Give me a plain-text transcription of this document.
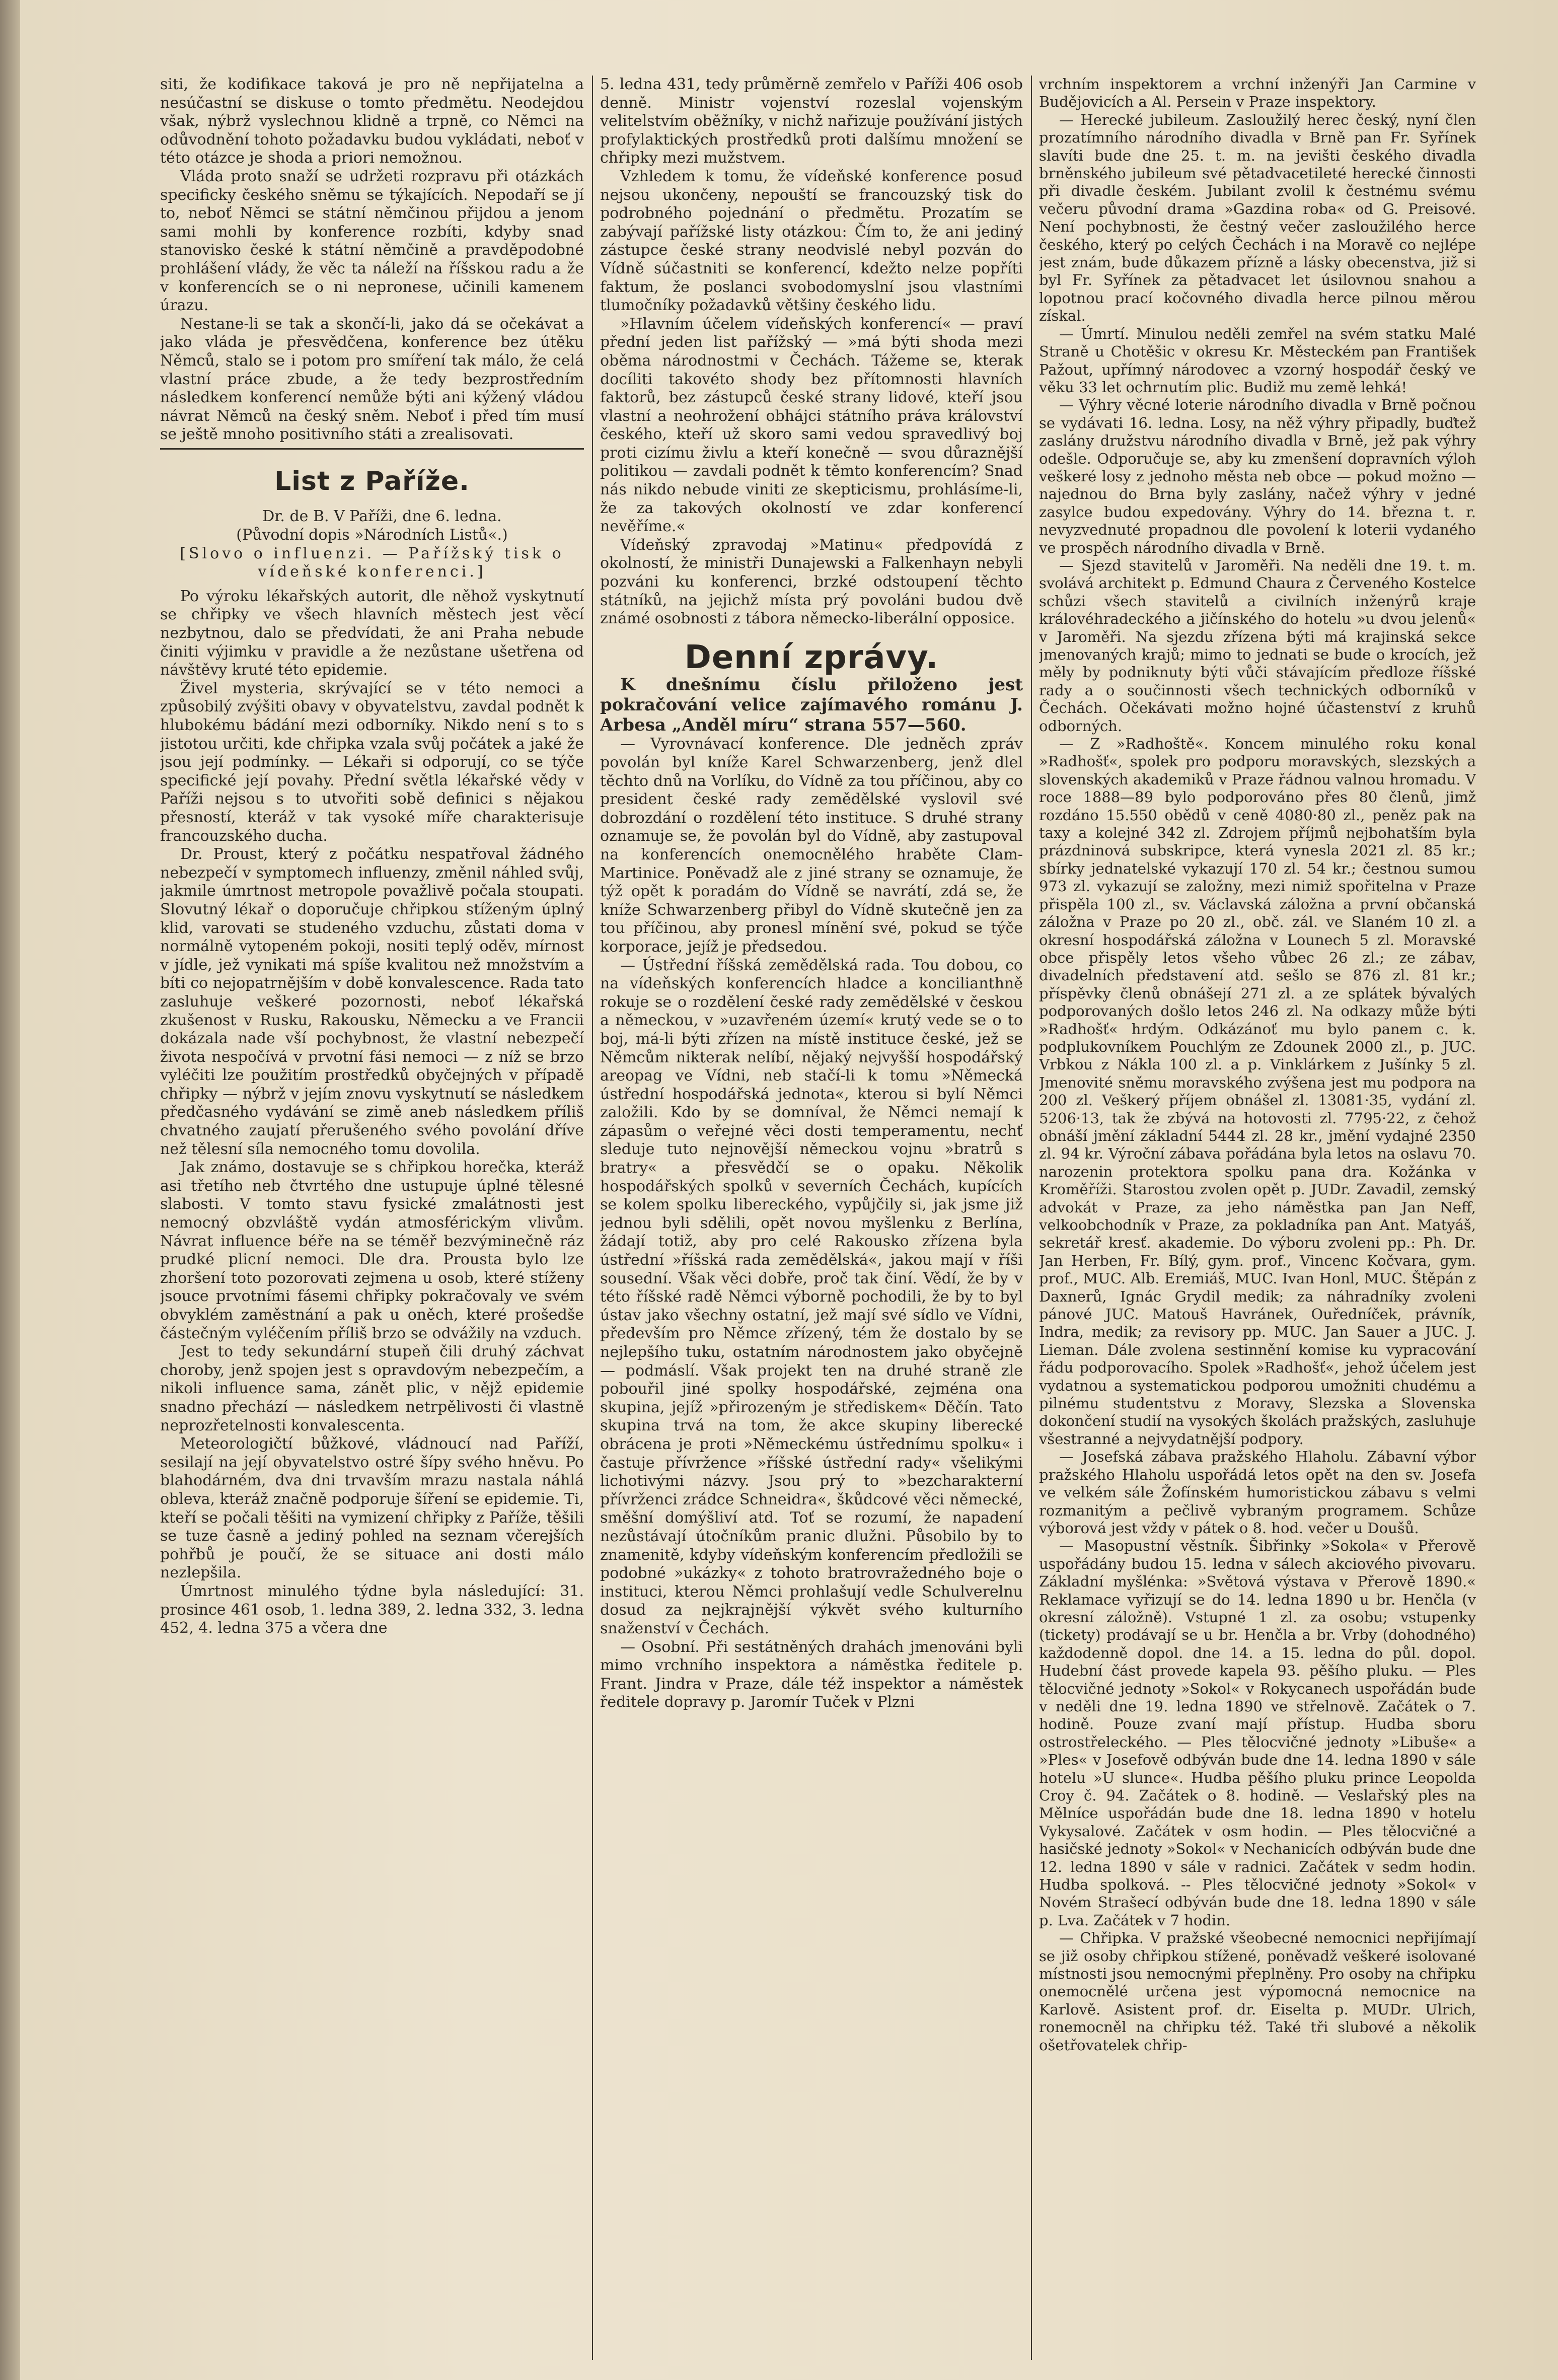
siti, že kodifikace taková je pro ně nepřijatelna a nesúčastní se diskuse o tomto předmětu. Neodejdou však, nýbrž vyslechnou klidně a trpně, co Němci na odůvodnění tohoto požadavku budou vykládati, neboť v této otázce je shoda a priori nemožnou.

Vláda proto snaží se udržeti rozpravu při otázkách specificky českého sněmu se týkajících. Nepodaří se jí to, neboť Němci se státní němčinou přijdou a jenom sami mohli by konference rozbíti, kdyby snad stanovisko české k státní němčině a pravděpodobné prohlášení vlády, že věc ta náleží na říšskou radu a že v konferencích se o ni nepronese, učinili kamenem úrazu.

Nestane-li se tak a skončí-li, jako dá se očekávat a jako vláda je přesvědčena, konference bez útěku Němců, stalo se i potom pro smíření tak málo, že celá vlastní práce zbude, a že tedy bezprostředním následkem konferencí nemůže býti ani kýžený vládou návrat Němců na český sněm. Neboť i před tím musí se ještě mnoho positivního státi a zrealisovati.

List z Paříže.

Dr. de B. V Paříži, dne 6. ledna.

(Původní dopis »Národních Listů«.)

[Slovo o influenzi. — Pařížský tisk o vídeňské konferenci.]

Po výroku lékařských autorit, dle něhož vyskytnutí se chřipky ve všech hlavních městech jest věcí nezbytnou, dalo se předvídati, že ani Praha nebude činiti výjimku v pravidle a že nezůstane ušetřena od návštěvy kruté této epidemie.

Živel mysteria, skrývající se v této nemoci a způsobilý zvýšiti obavy v obyvatelstvu, zavdal podnět k hlubokému bádání mezi odborníky. Nikdo není s to s jistotou určiti, kde chřipka vzala svůj počátek a jaké že jsou její podmínky. — Lékaři si odporují, co se týče specifické její povahy. Přední světla lékařské vědy v Paříži nejsou s to utvořiti sobě definici s nějakou přesností, kteráž v tak vysoké míře charakterisuje francouzského ducha.

Dr. Proust, který z počátku nespatřoval žádného nebezpečí v symptomech influenzy, změnil náhled svůj, jakmile úmrtnost metropole považlivě počala stoupati. Slovutný lékař o doporučuje chřipkou stíženým úplný klid, varovati se studeného vzduchu, zůstati doma v normálně vytopeném pokoji, nositi teplý oděv, mírnost v jídle, jež vynikati má spíše kvalitou než množstvím a bíti co nejopatrnějším v době konvalescence. Rada tato zasluhuje veškeré pozornosti, neboť lékařská zkušenost v Rusku, Rakousku, Německu a ve Francii dokázala nade vší pochybnost, že vlastní nebezpečí života nespočívá v prvotní fási nemoci — z níž se brzo vyléčiti lze použitím prostředků obyčejných v případě chřipky — nýbrž v jejím znovu vyskytnutí se následkem předčasného vydávání se zimě aneb následkem příliš chvatného zaujatí přerušeného svého povolání dříve než tělesní síla nemocného tomu dovolila.

Jak známo, dostavuje se s chřipkou horečka, kteráž asi třetího neb čtvrtého dne ustupuje úplné tělesné slabosti. V tomto stavu fysické zmalátnosti jest nemocný obzvláště vydán atmosférickým vlivům. Návrat influence béře na se téměř bezvýminečně ráz prudké plicní nemoci. Dle dra. Prousta bylo lze zhoršení toto pozorovati zejmena u osob, které stíženy jsouce prvotními fásemi chřipky pokračovaly ve svém obvyklém zaměstnání a pak u oněch, které prošedše částečným vyléčením příliš brzo se odvážily na vzduch.

Jest to tedy sekundární stupeň čili druhý záchvat choroby, jenž spojen jest s opravdovým nebezpečím, a nikoli influence sama, zánět plic, v nějž epidemie snadno přechází — následkem netrpělivosti či vlastně neprozřetelnosti konvalescenta.

Meteorologičtí bůžkové, vládnoucí nad Paříží, sesilají na její obyvatelstvo ostré šípy svého hněvu. Po blahodárném, dva dni trvavším mrazu nastala náhlá obleva, kteráž značně podporuje šíření se epidemie. Ti, kteří se počali těšiti na vymizení chřipky z Paříže, těšili se tuze časně a jediný pohled na seznam včerejších pohřbů je poučí, že se situace ani dosti málo nezlepšila.

Úmrtnost minulého týdne byla následující: 31. prosince 461 osob, 1. ledna 389, 2. ledna 332, 3. ledna 452, 4. ledna 375 a včera dne

5. ledna 431, tedy průměrně zemřelo v Paříži 406 osob denně. Ministr vojenství rozeslal vojenským velitelstvím oběžníky, v nichž nařizuje používání jistých profylaktických prostředků proti dalšímu množení se chřipky mezi mužstvem.

Vzhledem k tomu, že vídeňské konference posud nejsou ukončeny, nepouští se francouzský tisk do podrobného pojednání o předmětu. Prozatím se zabývají pařížské listy otázkou: Čím to, že ani jediný zástupce české strany neodvislé nebyl pozván do Vídně súčastniti se konferencí, kdežto nelze popříti faktum, že poslanci svobodomyslní jsou vlastními tlumočníky požadavků většiny českého lidu.

»Hlavním účelem vídeňských konferencí« — praví přední jeden list pařížský — »má býti shoda mezi oběma národnostmi v Čechách. Tážeme se, kterak docíliti takovéto shody bez přítomnosti hlavních faktorů, bez zástupců české strany lidové, kteří jsou vlastní a neohrožení obhájci státního práva království českého, kteří už skoro sami vedou spravedlivý boj proti cizímu živlu a kteří konečně — svou důraznější politikou — zavdali podnět k těmto konferencím? Snad nás nikdo nebude viniti ze skepticismu, prohlásíme-li, že za takových okolností ve zdar konferencí nevěříme.«

Vídeňský zpravodaj »Matinu« předpovídá z okolností, že ministři Dunajewski a Falkenhayn nebyli pozváni ku konferenci, brzké odstoupení těchto státníků, na jejichž místa prý povoláni budou dvě známé osobnosti z tábora německo-liberální opposice.

Denní zprávy.

K dnešnímu číslu přiloženo jest pokračování velice zajímavého románu J. Arbesa „Anděl míru“ strana 557—560.

— Vyrovnávací konference. Dle jedněch zpráv povolán byl kníže Karel Schwarzenberg, jenž dlel těchto dnů na Vorlíku, do Vídně za tou příčinou, aby co president české rady zemědělské vyslovil své dobrozdání o rozdělení této instituce. S druhé strany oznamuje se, že povolán byl do Vídně, aby zastupoval na konferencích onemocnělého hraběte Clam-Martinice. Poněvadž ale z jiné strany se oznamuje, že týž opět k poradám do Vídně se navrátí, zdá se, že kníže Schwarzenberg přibyl do Vídně skutečně jen za tou příčinou, aby pronesl mínění své, pokud se týče korporace, jejíž je předsedou.

— Ústřední říšská zemědělská rada. Tou dobou, co na vídeňských konferencích hladce a koncilianthně rokuje se o rozdělení české rady zemědělské v českou a německou, v »uzavřeném území« krutý vede se o to boj, má-li býti zřízen na místě instituce české, jež se Němcům nikterak nelíbí, nějaký nejvyšší hospodářský areopag ve Vídni, neb stačí-li k tomu »Německá ústřední hospodářská jednota«, kterou si bylí Němci založili. Kdo by se domníval, že Němci nemají k zápasům o veřejné věci dosti temperamentu, nechť sleduje tuto nejnovější německou vojnu »bratrů s bratry« a přesvědčí se o opaku. Několik hospodářských spolků v severních Čechách, kupících se kolem spolku libereckého, vypůjčily si, jak jsme již jednou byli sdělili, opět novou myšlenku z Berlína, žádají totiž, aby pro celé Rakousko zřízena byla ústřední »říšská rada zemědělská«, jakou mají v říši sousední. Však věci dobře, proč tak činí. Vědí, že by v této říšské radě Němci výborně pochodili, že by to byl ústav jako všechny ostatní, jež mají své sídlo ve Vídni, především pro Němce zřízený, tém že dostalo by se nejlepšího tuku, ostatním národnostem jako obyčejně — podmáslí. Však projekt ten na druhé straně zle pobouřil jiné spolky hospodářské, zejména ona skupina, jejíž »přirozeným je střediskem« Děčín. Tato skupina trvá na tom, že akce skupiny liberecké obrácena je proti »Německému ústřednímu spolku« i častuje přívržence »říšské ústřední rady« všelikými lichotivými názvy. Jsou prý to »bezcharakterní přívrženci zrádce Schneidra«, škůdcové věci německé, směšní domýšliví atd. Toť se rozumí, že napadení nezůstávají útočníkům pranic dlužni. Působilo by to znamenitě, kdyby vídeňským konferencím předložili se podobné »ukázky« z tohoto bratrovražedného boje o instituci, kterou Němci prohlašují vedle Schulverelnu dosud za nejkrajnější výkvět svého kulturního snaženství v Čechách.

— Osobní. Při sestátněných drahách jmenováni byli mimo vrchního inspektora a náměstka ředitele p. Frant. Jindra v Praze, dále též inspektor a náměstek ředitele dopravy p. Jaromír Tuček v Plzni

vrchním inspektorem a vrchní inženýři Jan Carmine v Budějovicích a Al. Persein v Praze inspektory.

— Herecké jubileum. Zasloužilý herec český, nyní člen prozatímního národního divadla v Brně pan Fr. Syřínek slavíti bude dne 25. t. m. na jevišti českého divadla brněnského jubileum své pětadvacetileté herecké činnosti při divadle českém. Jubilant zvolil k čestnému svému večeru původní drama »Gazdina roba« od G. Preisové. Není pochybnosti, že čestný večer zasloužilého herce českého, který po celých Čechách i na Moravě co nejlépe jest znám, bude důkazem přízně a lásky obecenstva, již si byl Fr. Syřínek za pětadvacet let úsilovnou snahou a lopotnou prací kočovného divadla herce pilnou měrou získal.

— Úmrtí. Minulou neděli zemřel na svém statku Malé Straně u Chotěšic v okresu Kr. Městeckém pan František Pažout, upřímný národovec a vzorný hospodář český ve věku 33 let ochrnutím plic. Budiž mu země lehká!

— Výhry věcné loterie národního divadla v Brně počnou se vydávati 16. ledna. Losy, na něž výhry připadly, buďtež zaslány družstvu národního divadla v Brně, jež pak výhry odešle. Odporučuje se, aby ku zmenšení dopravních výloh veškeré losy z jednoho města neb obce — pokud možno — najednou do Brna byly zaslány, načež výhry v jedné zasylce budou expedovány. Výhry do 14. března t. r. nevyzvednuté propadnou dle povolení k loterii vydaného ve prospěch národního divadla v Brně.

— Sjezd stavitelů v Jaroměři. Na neděli dne 19. t. m. svolává architekt p. Edmund Chaura z Červeného Kostelce schůzi všech stavitelů a civilních inženýrů kraje královéhradeckého a jičínského do hotelu »u dvou jelenů« v Jaroměři. Na sjezdu zřízena býti má krajinská sekce jmenovaných krajů; mimo to jednati se bude o krocích, jež měly by podniknuty býti vůči stávajícím předloze říšské rady a o součinnosti všech technických odborníků v Čechách. Očekávati možno hojné účastenství z kruhů odborných.

— Z »Radhoště«. Koncem minulého roku konal »Radhošť«, spolek pro podporu moravských, slezských a slovenských akademiků v Praze řádnou valnou hromadu. V roce 1888—89 bylo podporováno přes 80 členů, jimž rozdáno 15.550 obědů v ceně 4080·80 zl., peněz pak na taxy a kolejné 342 zl. Zdrojem příjmů nejbohatším byla prázdninová subskripce, která vynesla 2021 zl. 85 kr.; sbírky jednatelské vykazují 170 zl. 54 kr.; čestnou sumou 973 zl. vykazují se založny, mezi nimiž spořitelna v Praze přispěla 100 zl., sv. Václavská záložna a první občanská záložna v Praze po 20 zl., obč. zál. ve Slaném 10 zl. a okresní hospodářská záložna v Lounech 5 zl. Moravské obce přispěly letos všeho vůbec 26 zl.; ze zábav, divadelních představení atd. sešlo se 876 zl. 81 kr.; příspěvky členů obnášejí 271 zl. a ze splátek bývalých podporovaných došlo letos 246 zl. Na odkazy může býti »Radhošť« hrdým. Odkázánoť mu bylo panem c. k. podplukovníkem Pouchlým ze Zdounek 2000 zl., p. JUC. Vrbkou z Náklа 100 zl. a p. Vinklárkem z Jušínky 5 zl. Jmenovité sněmu moravského zvýšena jest mu podpora na 200 zl. Veškerý příjem obnášel zl. 13081·35, vydání zl. 5206·13, tak že zbývá na hotovosti zl. 7795·22, z čehož obnáší jmění základní 5444 zl. 28 kr., jmění vydajné 2350 zl. 94 kr. Výroční zábava pořádána byla letos na oslavu 70. narozenin protektora spolku pana dra. Kožánka v Kroměříži. Starostou zvolen opět p. JUDr. Zavadil, zemský advokát v Praze, za jeho náměstka pan Jan Neff, velkoobchodník v Praze, za pokladníka pan Ant. Matyáš, sekretář kresť. akademie. Do výboru zvoleni pp.: Ph. Dr. Jan Herben, Fr. Bílý, gym. prof., Vincenc Kočvara, gym. prof., MUC. Alb. Eremiáš, MUC. Ivan Honl, MUC. Štěpán z Daxnerů, Ignác Grydil medik; za náhradníky zvoleni pánové JUC. Matouš Havránek, Ouředníček, právník, Indra, medik; za revisory pp. MUC. Jan Sauer a JUC. J. Lieman. Dále zvolena sestinnění komise ku vypracování řádu podporovacího. Spolek »Radhošť«, jehož účelem jest vydatnou a systematickou podporou umožniti chudému a pilnému studentstvu z Moravy, Slezska a Slovenska dokončení studií na vysokých školách pražských, zasluhuje všestranné a nejvydatnější podpory.

— Josefská zábava pražského Hlaholu. Zábavní výbor pražského Hlaholu uspořádá letos opět na den sv. Josefa ve velkém sále Žofínském humoristickou zábavu s velmi rozmanitým a pečlivě vybraným programem. Schůze výborová jest vždy v pátek o 8. hod. večer u Doušů.

— Masopustní věstník. Šibřinky »Sokola« v Přerově uspořádány budou 15. ledna v sálech akciového pivovaru. Základní myšlénka: »Světová výstava v Přerově 1890.« Reklamace vyřizují se do 14. ledna 1890 u br. Henčla (v okresní záložně). Vstupné 1 zl. za osobu; vstupenky (tickety) prodávají se u br. Henčla a br. Vrby (dohodného) každodenně dopol. dne 14. a 15. ledna do půl. dopol. Hudební část provede kapela 93. pěšího pluku. — Ples tělocvičné jednoty »Sokol« v Rokycanech uspořádán bude v neděli dne 19. ledna 1890 ve střelnově. Začátek o 7. hodině. Pouze zvaní mají přístup. Hudba sboru ostrostřeleckého. — Ples tělocvičné jednoty »Libuše« a »Ples« v Josefově odbýván bude dne 14. ledna 1890 v sále hotelu »U slunce«. Hudba pěšího pluku prince Leopolda Croy č. 94. Začátek o 8. hodině. — Veslařský ples na Mělníce uspořádán bude dne 18. ledna 1890 v hotelu Vykysalové. Začátek v osm hodin. — Ples tělocvičné a hasičské jednoty »Sokol« v Nechanicích odbýván bude dne 12. ledna 1890 v sále v radnici. Začátek v sedm hodin. Hudba spolková. -- Ples tělocvičné jednoty »Sokol« v Novém Strašecí odbýván bude dne 18. ledna 1890 v sále p. Lva. Začátek v 7 hodin.

— Chřipka. V pražské všeobecné nemocnici nepřijímají se již osoby chřipkou stížené, poněvadž veškeré isolované místnosti jsou nemocnými přeplněny. Pro osoby na chřipku onemocnělé určena jest výpomocná nemocnice na Karlově. Asistent prof. dr. Eiselta p. MUDr. Ulrich, ronemocněl na chřipku též. Také tři slubové a několik ošetřovatelek chřip-
